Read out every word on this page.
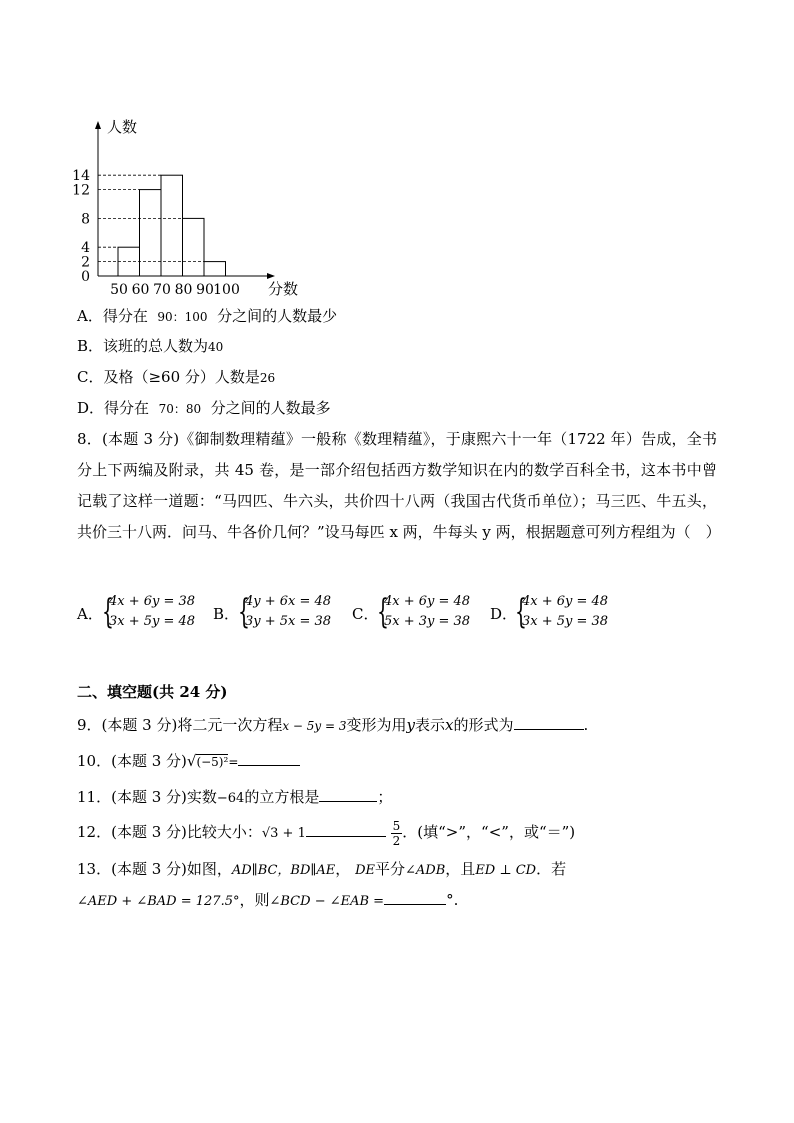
人数
分数
0
2
4
8
12
14
50 60 70 80 90 100
A．得分在 90：100 分之间的人数最少
B．该班的总人数为40
C．及格（≥60 分）人数是26
D．得分在 70：80 分之间的人数最多
8．(本题 3 分)《御制数理精蕴》一般称《数理精蕴》，于康熙六十一年（1722 年）告成，全书分上下两编及附录，共 45 卷，是一部介绍包括西方数学知识在内的数学百科全书，这本书中曾记载了这样一道题：“马四匹、牛六头，共价四十八两（我国古代货币单位）；马三匹、牛五头，共价三十八两．问马、牛各价几何？”设马每匹 x 两，牛每头 y 两，根据题意可列方程组为（　）
A． {
4x + 6y = 38
3x + 5y = 48 B．
{
4y + 6x = 48
3y + 5x = 38 C．
{
4x + 6y = 48
5x + 3y = 38 D．
{
4x + 6y = 48
3x + 5y = 38
二、填空题(共 24 分)
9．(本题 3 分)将二元一次方程x − 5y = 3变形为用y表示x的形式为	.
10．(本题 3 分)√(−5)²=
11．(本题 3 分)实数−64的立方根是	；
12．(本题 3 分)比较大小：√3 + 1	$\frac{5}{2}$ ．(填“>”，“<”，或“＝”)
13．(本题 3 分)如图，AD∥BC，BD∥AE， DE平分∠ADB，且ED ⊥ CD．若
∠AED + ∠BAD = 127.5°，则∠BCD − ∠EAB =	°.
